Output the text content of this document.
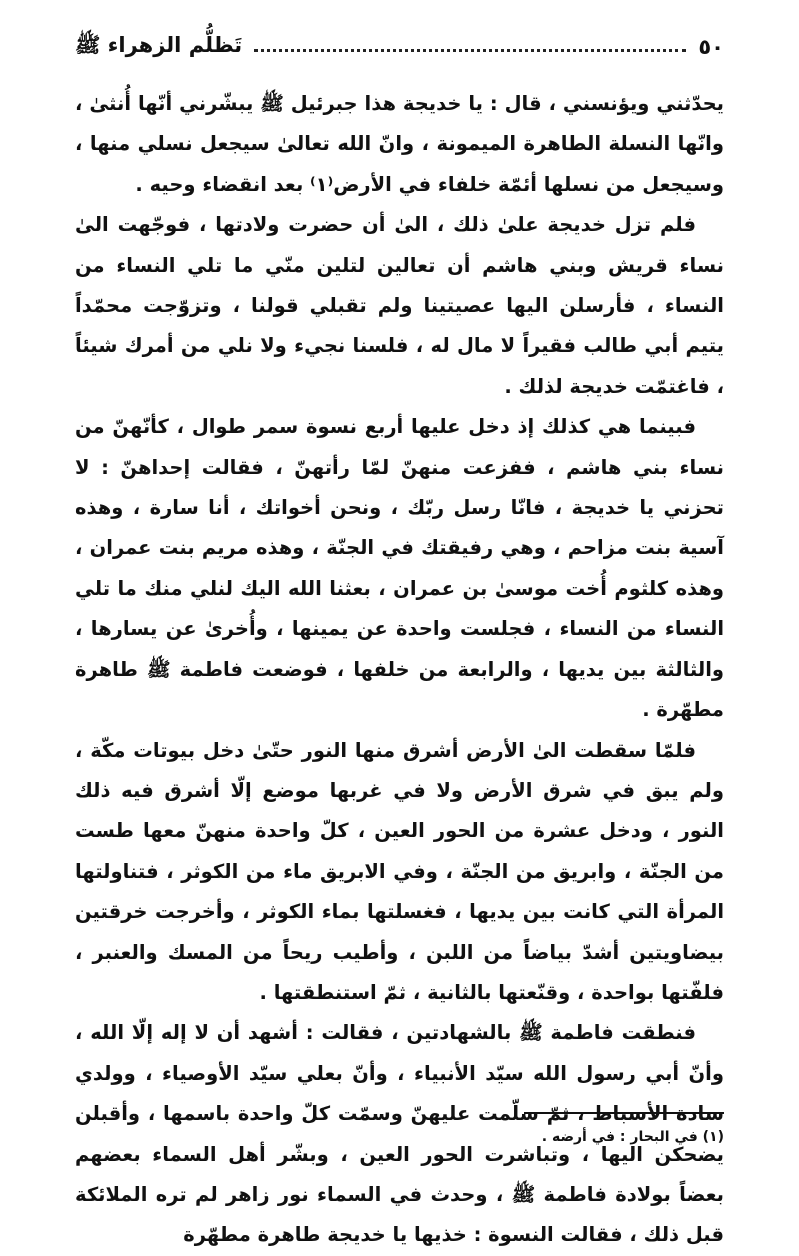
٥٠
تَظلُّم الزهراء ﷺ

يحدّثني ويؤنسني ، قال : يا خديجة هذا جبرئيل ﷺ يبشّرني أنّها أُنثىٰ ، وانّها النسلة الطاهرة الميمونة ، وانّ الله تعالىٰ سيجعل نسلي منها ، وسيجعل من نسلها أئمّة خلفاء في الأرض⁽١⁾ بعد انقضاء وحيه .

فلم تزل خديجة علىٰ ذلك ، الىٰ أن حضرت ولادتها ، فوجّهت الىٰ نساء قريش وبني هاشم أن تعالين لتلين منّي ما تلي النساء من النساء ، فأرسلن اليها عصيتينا ولم تقبلي قولنا ، وتزوّجت محمّداً يتيم أبي طالب فقيراً لا مال له ، فلسنا نجيء ولا نلي من أمرك شيئاً ، فاغتمّت خديجة لذلك .

فبينما هي كذلك إذ دخل عليها أربع نسوة سمر طوال ، كأنّهنّ من نساء بني هاشم ، ففزعت منهنّ لمّا رأتهنّ ، فقالت إحداهنّ : لا تحزني يا خديجة ، فانّا رسل ربّك ، ونحن أخواتك ، أنا سارة ، وهذه آسية بنت مزاحم ، وهي رفيقتك في الجنّة ، وهذه مريم بنت عمران ، وهذه كلثوم أُخت موسىٰ بن عمران ، بعثنا الله اليك لنلي منك ما تلي النساء من النساء ، فجلست واحدة عن يمينها ، وأُخرىٰ عن يسارها ، والثالثة بين يديها ، والرابعة من خلفها ، فوضعت فاطمة ﷺ طاهرة مطهّرة .

فلمّا سقطت الىٰ الأرض أشرق منها النور حتّىٰ دخل بيوتات مكّة ، ولم يبق في شرق الأرض ولا في غربها موضع إلّا أشرق فيه ذلك النور ، ودخل عشرة من الحور العين ، كلّ واحدة منهنّ معها طست من الجنّة ، وابريق من الجنّة ، وفي الابريق ماء من الكوثر ، فتناولتها المرأة التي كانت بين يديها ، فغسلتها بماء الكوثر ، وأخرجت خرقتين بيضاويتين أشدّ بياضاً من اللبن ، وأطيب ريحاً من المسك والعنبر ، فلفّتها بواحدة ، وقنّعتها بالثانية ، ثمّ استنطقتها .

فنطقت فاطمة ﷺ بالشهادتين ، فقالت : أشهد أن لا إله إلّا الله ، وأنّ أبي رسول الله سيّد الأنبياء ، وأنّ بعلي سيّد الأوصياء ، وولدي سادة الأسباط ، ثمّ سلّمت عليهنّ وسمّت كلّ واحدة باسمها ، وأقبلن يضحكن اليها ، وتباشرت الحور العين ، وبشّر أهل السماء بعضهم بعضاً بولادة فاطمة ﷺ ، وحدث في السماء نور زاهر لم تره الملائكة قبل ذلك ، فقالت النسوة : خذيها يا خديجة طاهرة مطهّرة

(١) في البحار : في أرضه .
